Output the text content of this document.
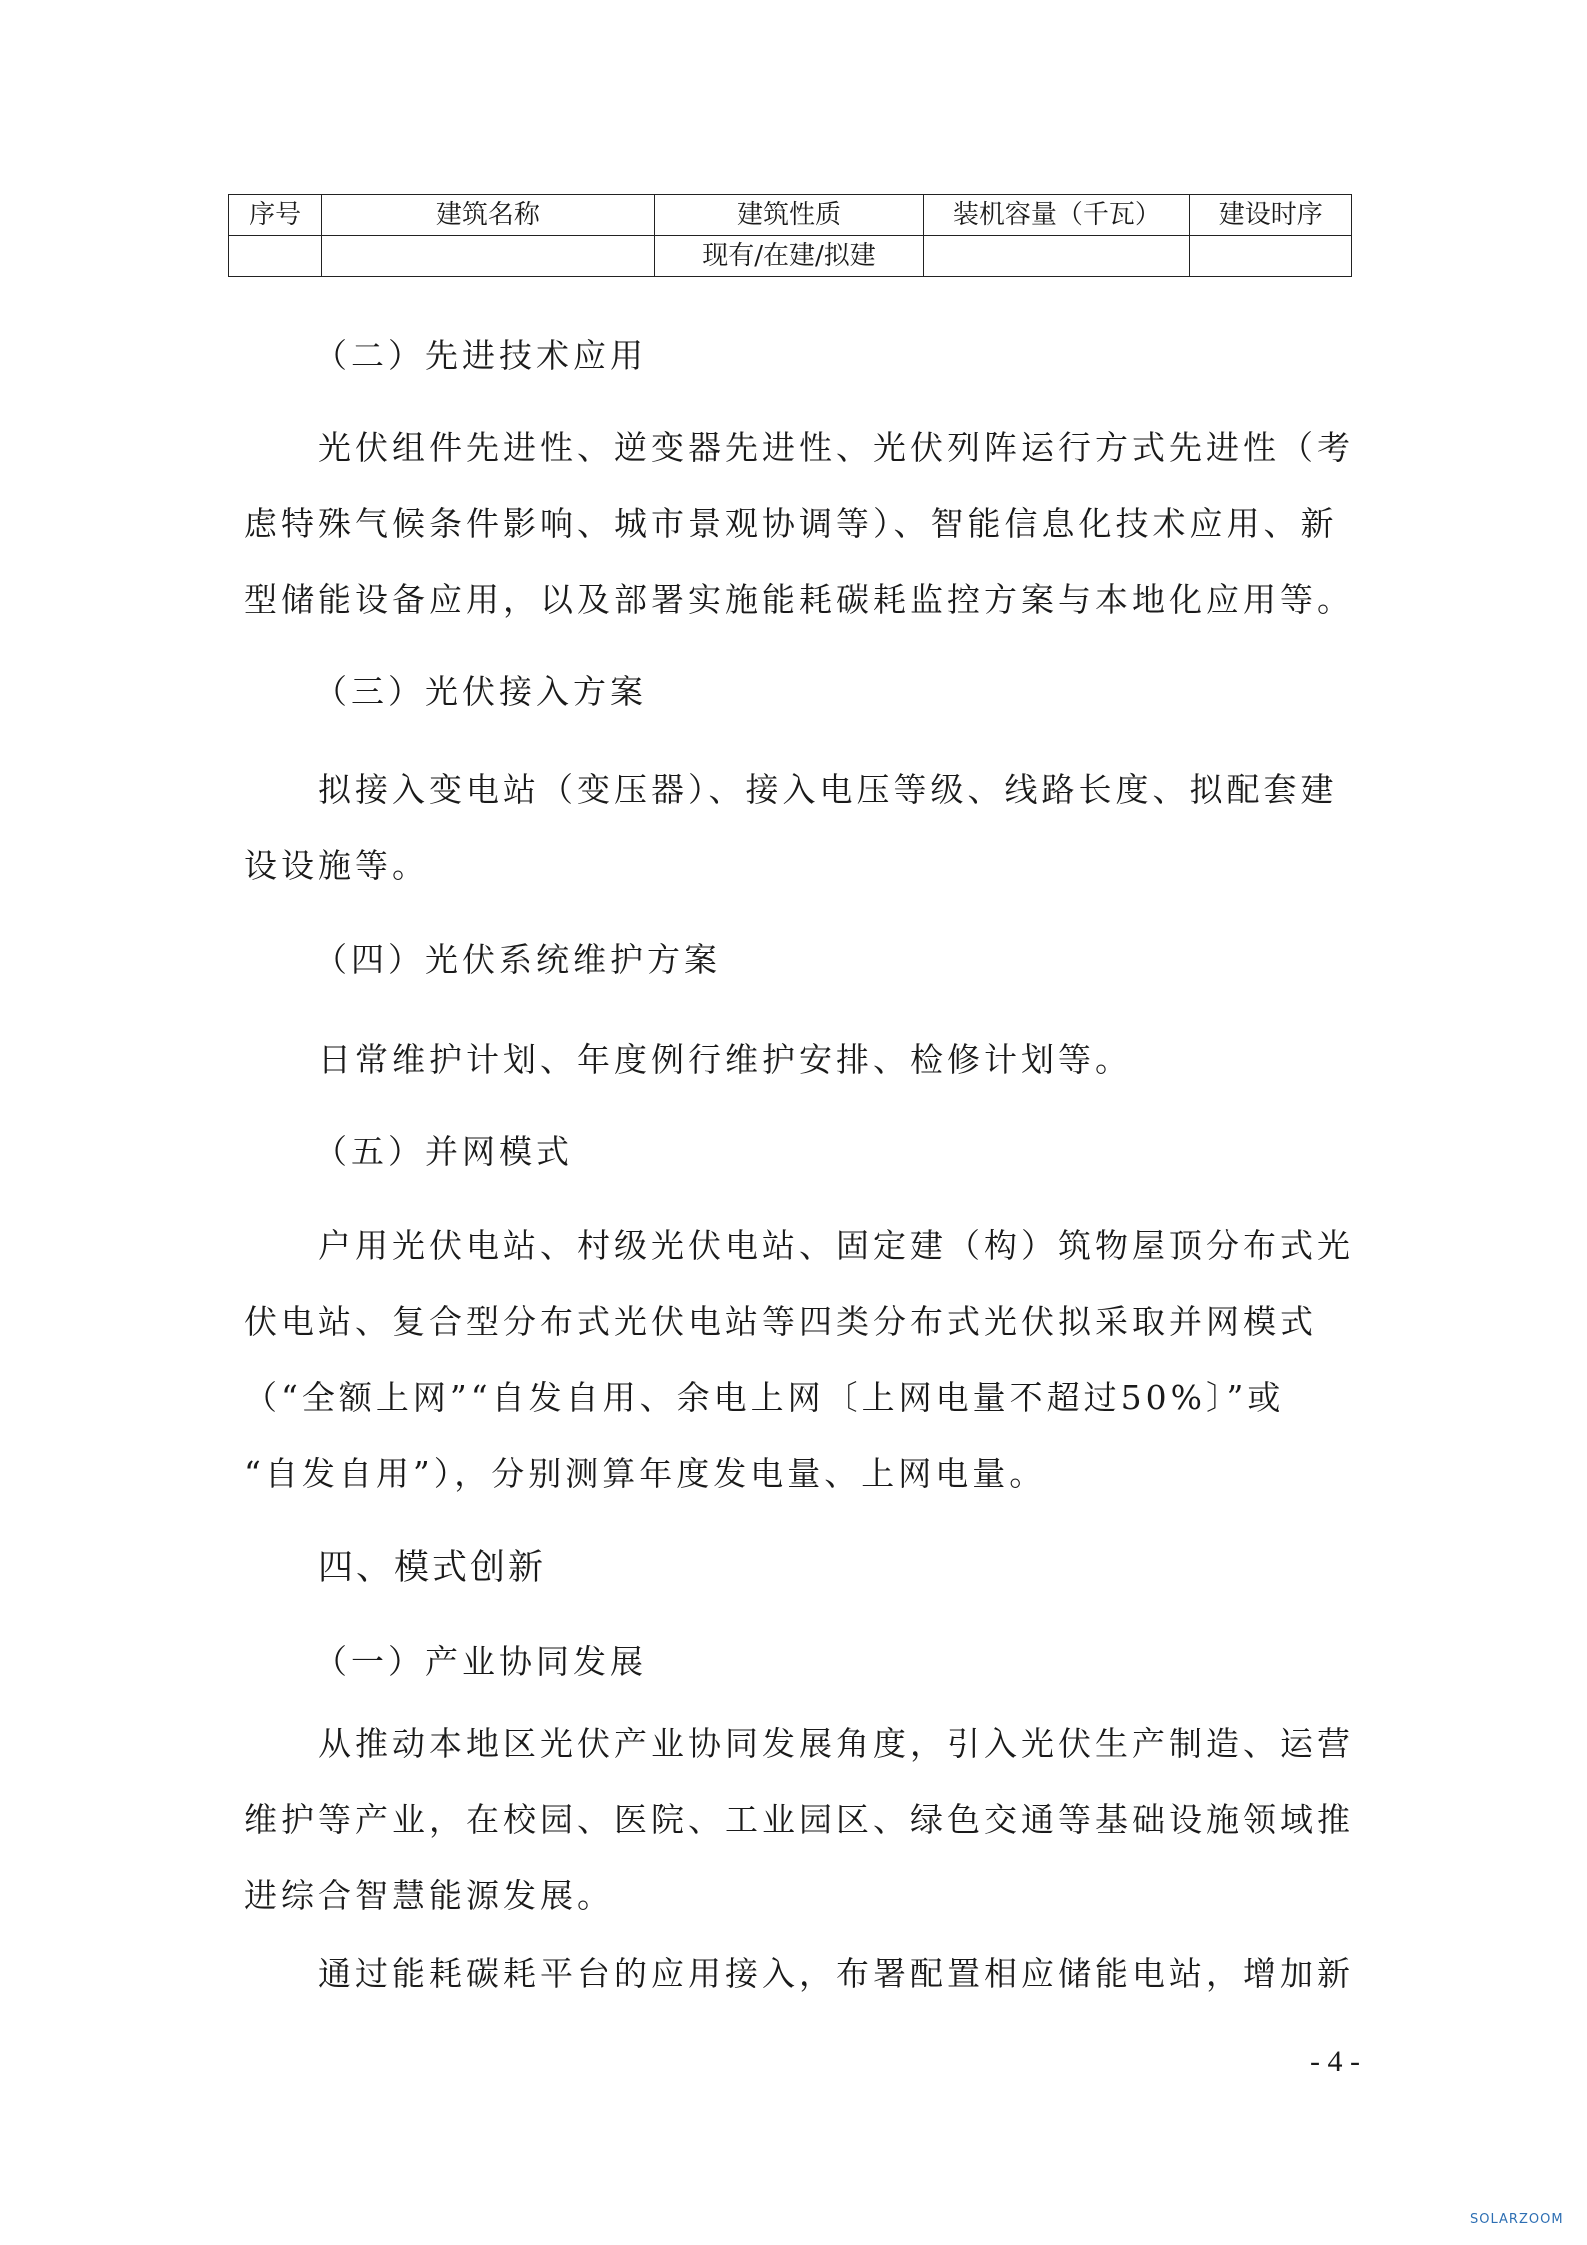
序号	建筑名称	建筑性质	装机容量（千瓦）	建设时序
		现有/在建/拟建		
（二）先进技术应用
光伏组件先进性、逆变器先进性、光伏列阵运行方式先进性（考
虑特殊气候条件影响、城市景观协调等）、智能信息化技术应用、新
型储能设备应用，以及部署实施能耗碳耗监控方案与本地化应用等。
（三）光伏接入方案
拟接入变电站（变压器）、接入电压等级、线路长度、拟配套建
设设施等。
（四）光伏系统维护方案
日常维护计划、年度例行维护安排、检修计划等。
（五）并网模式
户用光伏电站、村级光伏电站、固定建（构）筑物屋顶分布式光
伏电站、复合型分布式光伏电站等四类分布式光伏拟采取并网模式
（“全额上网”“自发自用、余电上网〔上网电量不超过50%〕”或
“自发自用”），分别测算年度发电量、上网电量。
四、模式创新
（一）产业协同发展
从推动本地区光伏产业协同发展角度，引入光伏生产制造、运营
维护等产业，在校园、医院、工业园区、绿色交通等基础设施领域推
进综合智慧能源发展。
通过能耗碳耗平台的应用接入，布署配置相应储能电站，增加新
- 4 -
SOLARZOOM
